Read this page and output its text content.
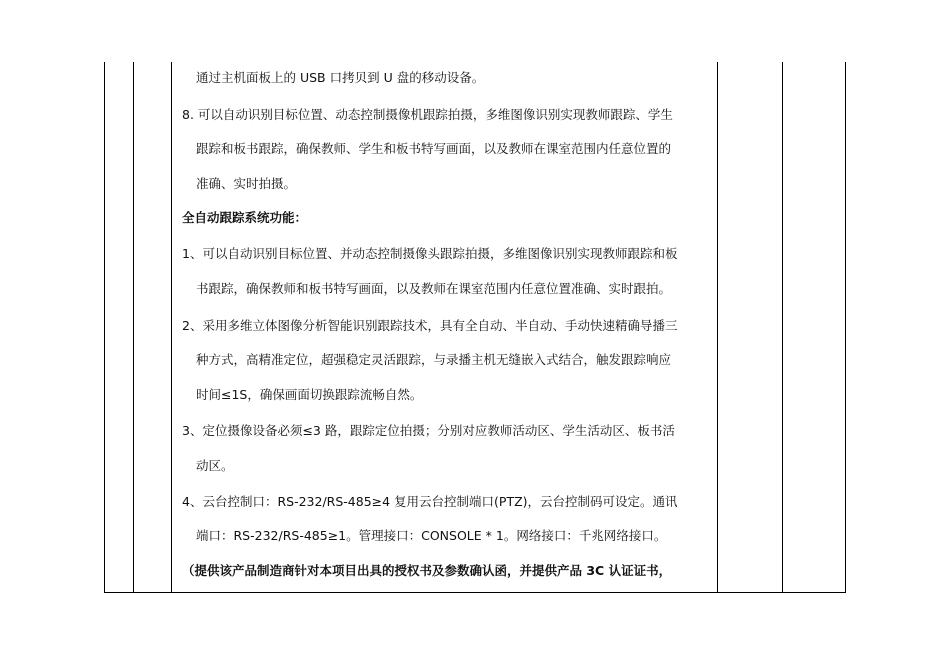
通过主机面板上的 USB 口拷贝到 U 盘的移动设备。
8. 可以自动识别目标位置、动态控制摄像机跟踪拍摄，多维图像识别实现教师跟踪、学生
跟踪和板书跟踪，确保教师、学生和板书特写画面，以及教师在课室范围内任意位置的
准确、实时拍摄。
全自动跟踪系统功能：
1、可以自动识别目标位置、并动态控制摄像头跟踪拍摄，多维图像识别实现教师跟踪和板
书跟踪，确保教师和板书特写画面，以及教师在课室范围内任意位置准确、实时跟拍。
2、采用多维立体图像分析智能识别跟踪技术，具有全自动、半自动、手动快速精确导播三
种方式，高精准定位，超强稳定灵活跟踪，与录播主机无缝嵌入式结合，触发跟踪响应
时间≤1S，确保画面切换跟踪流畅自然。
3、定位摄像设备必须≤3 路，跟踪定位拍摄；分别对应教师活动区、学生活动区、板书活
动区。
4、云台控制口：RS-232/RS-485≥4 复用云台控制端口(PTZ)，云台控制码可设定。通讯
端口：RS-232/RS-485≥1。管理接口：CONSOLE * 1。网络接口：千兆网络接口。
（提供该产品制造商针对本项目出具的授权书及参数确认函，并提供产品 3C 认证证书，
